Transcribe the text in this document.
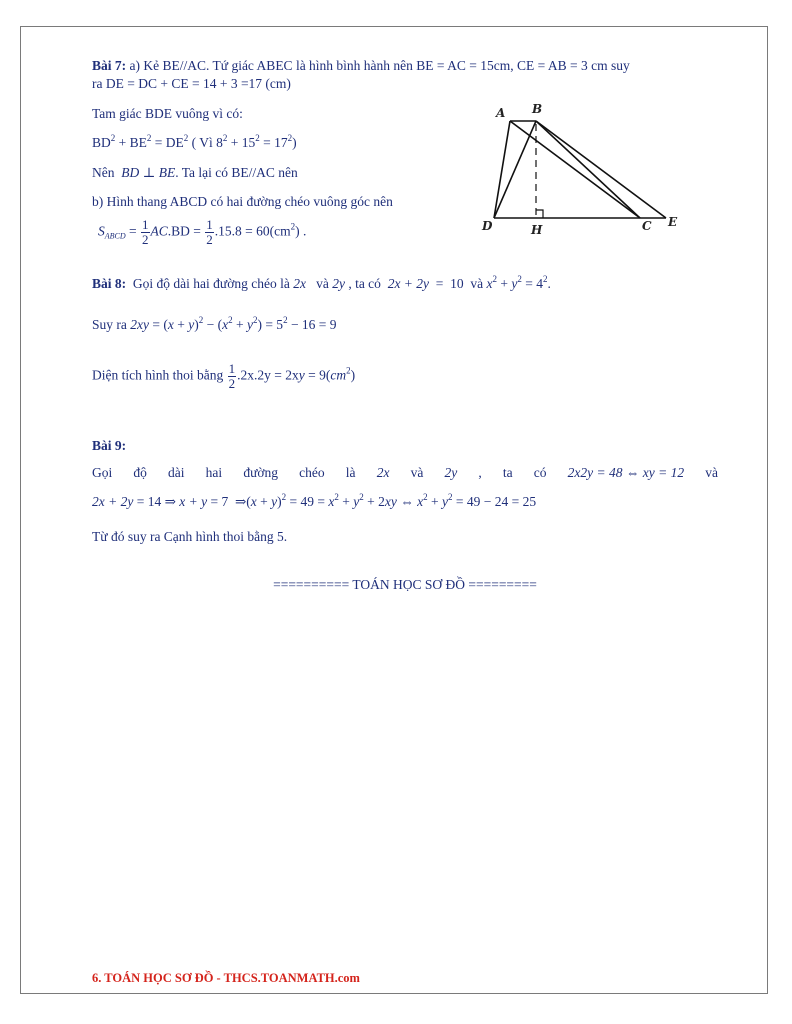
Bài 7: a) Kẻ BE//AC. Tứ giác ABEC là hình bình hành nên BE = AC = 15cm, CE = AB = 3 cm suy
ra DE = DC + CE = 14 + 3 =17 (cm)
Tam giác BDE vuông vì có:
$BD^2 + BE^2 = DE^2$ ( Vì $8^2 + 15^2 = 17^2$)
Nên BD ⊥ BE. Ta lại có BE//AC nên
b) Hình thang ABCD có hai đường chéo vuông góc nên
$S_{ABCD} = \frac{1}{2} AC.BD = \frac{1}{2} .15.8 = 60(cm^2)$ .
A B
D	H	C E
Bài 8: Gọi độ dài hai đường chéo là 2x và 2y , ta có 2x + 2y  =  10  và $x^2 + y^2 = 4^2$.
Suy ra $2xy = (x + y)^2 - (x^2 + y^2) = 5^2 - 16 = 9$
Diện tích hình thoi bằng $\frac{1}{2} .2x.2y = 2xy = 9(cm^2)$
Bài 9:
Gọi độ dài hai đường chéo là 2x và 2y , ta có 2x2y = 48 ⇔ xy = 12 và
2x + 2y = 14 ⇒ x + y = 7  ⇒(x + $y)^2 = 49 = x^2 + y^2 + 2xy$ ⇔ $x^2 + y^2 = 49 - 24 = 25$
Từ đó suy ra Cạnh hình thoi bằng 5.
========== TOÁN HỌC SƠ ĐỒ =========
6. TOÁN HỌC SƠ ĐỒ - THCS.TOANMATH.com
